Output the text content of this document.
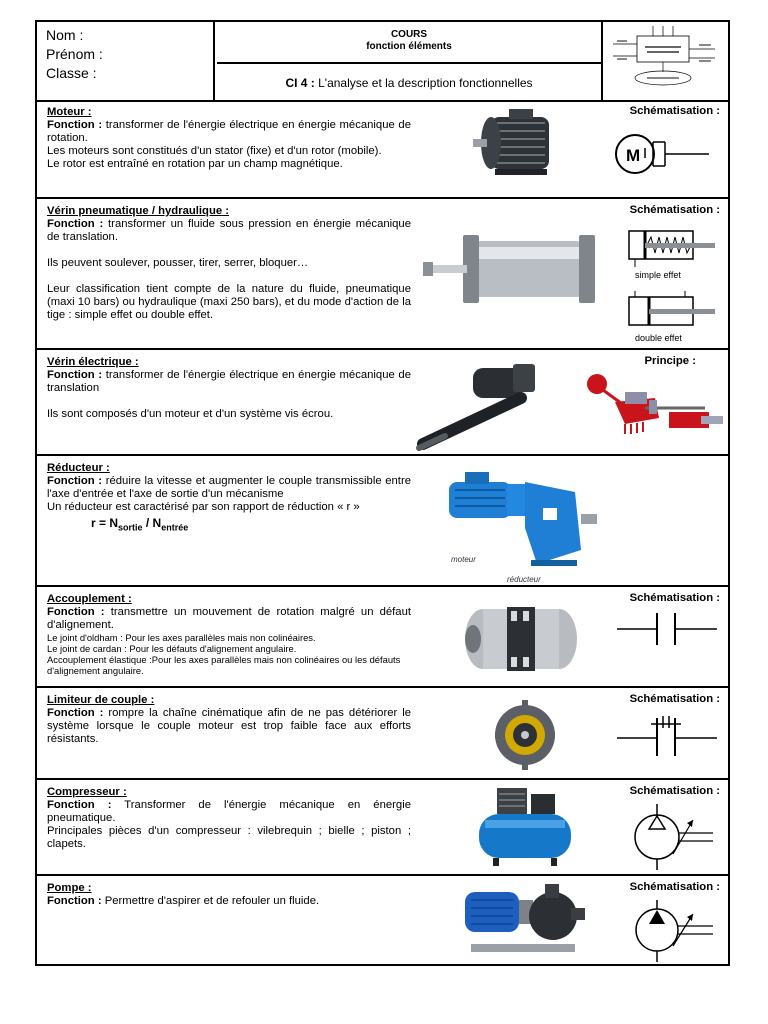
Nom :
Prénom :
Classe :
COURS
fonction éléments
CI 4 : L'analyse et la description fonctionnelles

Moteur :

Fonction : transformer de l'énergie électrique en énergie mécanique de rotation.

Les moteurs sont constitués d'un stator (fixe) et d'un rotor (mobile).

Le rotor est entraîné en rotation par un champ magnétique.

Schématisation :
M

Vérin pneumatique / hydraulique :

Fonction : transformer un fluide sous pression en énergie mécanique de translation.

Ils peuvent soulever, pousser, tirer, serrer, bloquer…

Leur classification tient compte de la nature du fluide, pneumatique (maxi 10 bars) ou hydraulique (maxi 250 bars), et du mode d'action de la tige : simple effet ou double effet.

Schématisation :
simple effet
double effet

Vérin électrique :

Fonction : transformer de l'énergie électrique en énergie mécanique de translation

Ils sont composés d'un moteur et d'un système vis écrou.

Principe :

Réducteur :

Fonction : réduire la vitesse et augmenter le couple transmissible entre l'axe d'entrée et l'axe de sortie d'un mécanisme

Un réducteur est caractérisé par son rapport de réduction « r »

$r = N_{sortie} / N_{entrée}$

moteur
réducteur

Accouplement :

Fonction : transmettre un mouvement de rotation malgré un défaut d'alignement.

Le joint d'oldham : Pour les axes parallèles mais non colinéaires.

Le joint de cardan : Pour les défauts d'alignement angulaire.

Accouplement élastique :Pour les axes parallèles mais non colinéaires ou les défauts d'alignement angulaire.

Schématisation :

Limiteur de couple :

Fonction : rompre la chaîne cinématique afin de ne pas détériorer le système lorsque le couple moteur est trop faible face aux efforts résistants.

Schématisation :

Compresseur :

Fonction : Transformer de l'énergie mécanique en énergie pneumatique.

Principales pièces d'un compresseur : vilebrequin ; bielle ; piston ; clapets.

Schématisation :

Pompe :

Fonction : Permettre d'aspirer et de refouler un fluide.

Schématisation :
